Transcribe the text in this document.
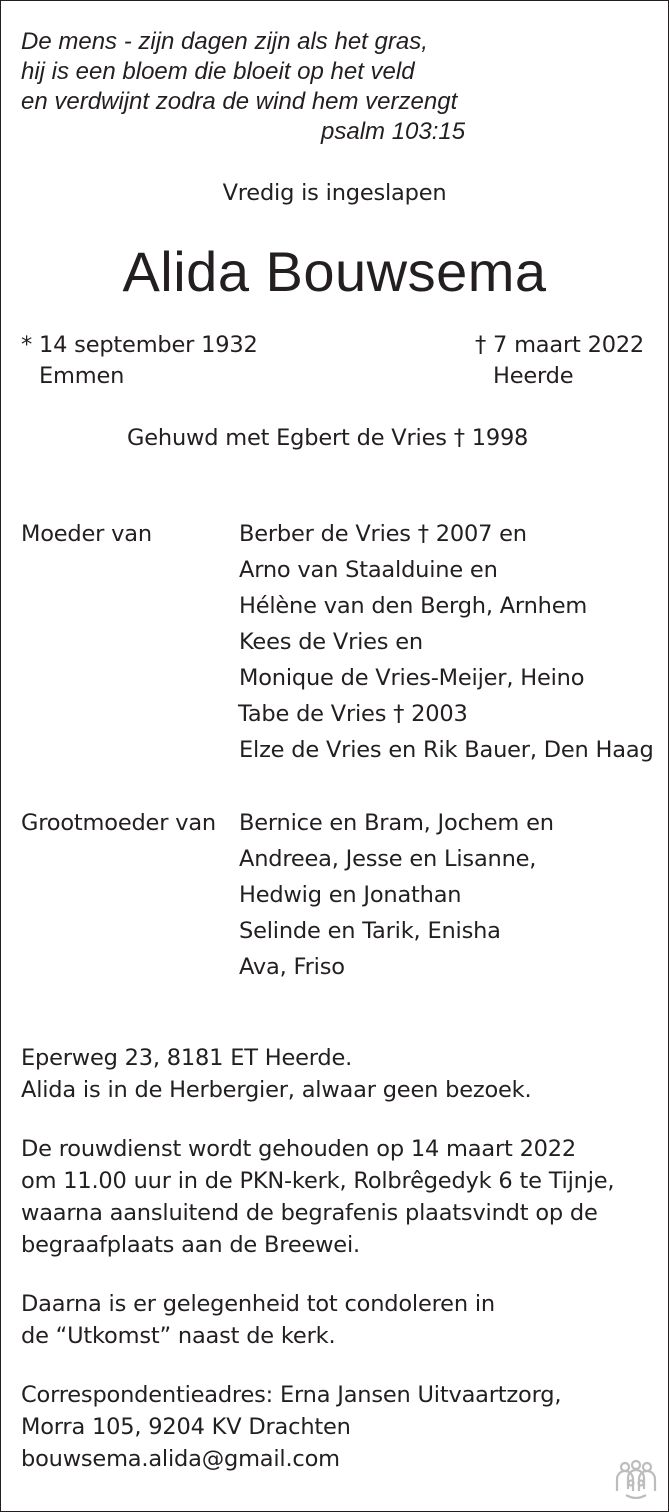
De mens - zijn dagen zijn als het gras,
hij is een bloem die bloeit op het veld
en verdwijnt zodra de wind hem verzengt
psalm 103:15
Vredig is ingeslapen
Alida Bouwsema
* 14 september 1932
Emmen
† 7 maart 2022
Heerde
Gehuwd met Egbert de Vries † 1998
Moeder van	Berber de Vries † 2007 en
Arno van Staalduine en
Hélène van den Bergh, Arnhem
Kees de Vries en
Monique de Vries-Meijer, Heino
Tabe de Vries † 2003
Elze de Vries en Rik Bauer, Den Haag
Grootmoeder van Bernice en Bram, Jochem en
Andreea, Jesse en Lisanne,
Hedwig en Jonathan
Selinde en Tarik, Enisha
Ava, Friso
Eperweg 23, 8181 ET Heerde.
Alida is in de Herbergier, alwaar geen bezoek.
De rouwdienst wordt gehouden op 14 maart 2022
om 11.00 uur in de PKN-kerk, Rolbrêgedyk 6 te Tijnje,
waarna aansluitend de begrafenis plaatsvindt op de
begraafplaats aan de Breewei.
Daarna is er gelegenheid tot condoleren in
de “Utkomst” naast de kerk.
Correspondentieadres: Erna Jansen Uitvaartzorg,
Morra 105, 9204 KV Drachten
bouwsema.alida@gmail.com
